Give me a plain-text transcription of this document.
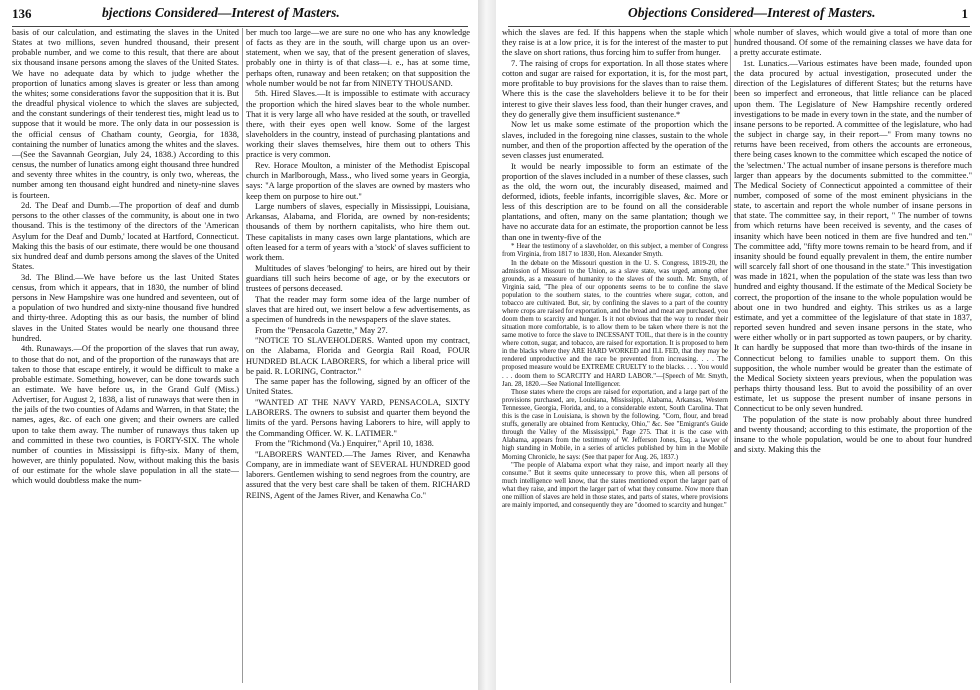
136	bjections Considered—Interest of Masters.

basis of our calculation, and estimating the slaves in the United States at two millions, seven hundred thousand, their present probable number, and we come to this result, that there are about six thousand insane persons among the slaves of the United States. We have no adequate data by which to judge whether the proportion of lunatics among slaves is greater or less than among the whites; some considerations favor the supposition that it is. But the dreadful physical violence to which the slaves are subjected, and the constant sunderings of their tenderest ties, might lead us to suppose that it would be more. The only data in our possession is the official census of Chatham county, Georgia, for 1838, containing the number of lunatics among the whites and the slaves.—(See the Savannah Georgian, July 24, 1838.) According to this census, the number of lunatics among eight thousand three hundred and seventy three whites in the country, is only two, whereas, the number among ten thousand eight hundred and ninety-nine slaves is fourteen.

2d. The Deaf and Dumb.—The proportion of deaf and dumb persons to the other classes of the community, is about one in two thousand. This is the testimony of the directors of the 'American Asylum for the Deaf and Dumb,' located at Hartford, Connecticut. Making this the basis of our estimate, there would be one thousand six hundred deaf and dumb persons among the slaves of the United States.

3d. The Blind.—We have before us the last United States census, from which it appears, that in 1830, the number of blind persons in New Hampshire was one hundred and seventeen, out of a population of two hundred and sixty-nine thousand five hundred and thirty-three. Adopting this as our basis, the number of blind slaves in the United States would be nearly one thousand three hundred.

4th. Runaways.—Of the proportion of the slaves that run away, to those that do not, and of the proportion of the runaways that are taken to those that escape entirely, it would be difficult to make a probable estimate. Something, however, can be done towards such an estimate. We have before us, in the Grand Gulf (Miss.) Advertiser, for August 2, 1838, a list of runaways that were then in the jails of the two counties of Adams and Warren, in that State; the names, ages, &c. of each one given; and their owners are called upon to take them away. The number of runaways thus taken up and committed in these two counties, is FORTY-SIX. The whole number of counties in Mississippi is fifty-six. Many of them, however, are thinly populated. Now, without making this the basis of our estimate for the whole slave population in all the state—which would doubtless make the num-

ber much too large—we are sure no one who has any knowledge of facts as they are in the south, will charge upon us an over-statement, when we say, that of the present generation of slaves, probably one in thirty is of that class—i. e., has at some time, perhaps often, runaway and been retaken; on that supposition the whole number would be not far from NINETY THOUSAND.

5th. Hired Slaves.—It is impossible to estimate with accuracy the proportion which the hired slaves bear to the whole number. That it is very large all who have resided at the south, or travelled there, with their eyes open well know. Some of the largest slaveholders in the country, instead of purchasing plantations and working their slaves themselves, hire them out to others This practice is very common.

Rev. Horace Moulton, a minister of the Methodist Episcopal church in Marlborough, Mass., who lived some years in Georgia, says: "A large proportion of the slaves are owned by masters who keep them on purpose to hire out."

Large numbers of slaves, especially in Mississippi, Louisiana, Arkansas, Alabama, and Florida, are owned by non-residents; thousands of them by northern capitalists, who hire them out. These capitalists in many cases own large plantations, which are often leased for a term of years with a 'stock' of slaves sufficient to work them.

Multitudes of slaves 'belonging' to heirs, are hired out by their guardians till such heirs become of age, or by the executors or trustees of persons deceased.

That the reader may form some idea of the large number of slaves that are hired out, we insert below a few advertisements, as a specimen of hundreds in the newspapers of the slave states.

From the "Pensacola Gazette," May 27.

"NOTICE TO SLAVEHOLDERS. Wanted upon my contract, on the Alabama, Florida and Georgia Rail Road, FOUR HUNDRED BLACK LABORERS, for which a liberal price will be paid. R. LORING, Contractor."

The same paper has the following, signed by an officer of the United States.

"WANTED AT THE NAVY YARD, PENSACOLA, SIXTY LABORERS. The owners to subsist and quarter them beyond the limits of the yard. Persons having Laborers to hire, will apply to the Commanding Officer. W. K. LATIMER."

From the "Richmond (Va.) Enquirer," April 10, 1838.

"LABORERS WANTED.—The James River, and Kenawha Company, are in immediate want of SEVERAL HUNDRED good laborers. Gentlemen wishing to send negroes from the country, are assured that the very best care shall be taken of them. RICHARD REINS, Agent of the James River, and Kenawha Co."

Objections Considered—Interest of Masters.	1

which the slaves are fed. If this happens when the staple which they raise is at a low price, it is for the interest of the master to put the slave on short rations, thus forcing him to suffer from hunger.

7. The raising of crops for exportation. In all those states where cotton and sugar are raised for exportation, it is, for the most part, more profitable to buy provisions for the slaves than to raise them. Where this is the case the slaveholders believe it to be for their interest to give their slaves less food, than their hunger craves, and they do generally give them insufficient sustenance.*

Now let us make some estimate of the proportion which the slaves, included in the foregoing nine classes, sustain to the whole number, and then of the proportion affected by the operation of the seven classes just enumerated.

It would be nearly impossible to form an estimate of the proportion of the slaves included in a number of these classes, such as the old, the worn out, the incurably diseased, maimed and deformed, idiots, feeble infants, incorrigible slaves, &c. More or less of this description are to be found on all the considerable plantations, and often, many on the same plantation; though we have no accurate data for an estimate, the proportion cannot be less than one in twenty-five of the

* Hear the testimony of a slaveholder, on this subject, a member of Congress from Virginia, from 1817 to 1830, Hon. Alexander Smyth.

In the debate on the Missouri question in the U. S. Congress, 1819-20, the admission of Missouri to the Union, as a slave state, was urged, among other grounds, as a measure of humanity to the slaves of the south. Mr. Smyth, of Virginia said, "The plea of our opponents seems to be to confine the slave population to the southern states, to the countries where sugar, cotton, and tobacco are cultivated. But, sir, by confining the slaves to a part of the country where crops are raised for exportation, and the bread and meat are purchased, you doom them to scarcity and hunger. Is it not obvious that the way to render their situation more comfortable, is to allow them to be taken where there is not the same motive to force the slave to INCESSANT TOIL, that there is in the country where cotton, sugar, and tobacco, are raised for exportation. It is proposed to hem in the blacks where they ARE HARD WORKED and ILL FED, that they may be rendered unproductive and the race be prevented from increasing. . . . The proposed measure would be EXTREME CRUELTY to the blacks. . . . You would . . . doom them to SCARCITY and HARD LABOR."—[Speech of Mr. Smyth, Jan. 28, 1820.—See National Intelligencer.

Those states where the crops are raised for exportation, and a large part of the provisions purchased, are, Louisiana, Mississippi, Alabama, Arkansas, Western Tennessee, Georgia, Florida, and, to a considerable extent, South Carolina. That this is the case in Louisiana, is shown by the following. "Corn, flour, and bread stuffs, generally are obtained from Kentucky, Ohio," &c. See "Emigrant's Guide through the Valley of the Mississippi," Page 275. That it is the case with Alabama, appears from the testimony of W. Jefferson Jones, Esq. a lawyer of high standing in Mobile, in a series of articles published by him in the Mobile Morning Chronicle, he says: (See that paper for Aug. 26, 1837.)

"The people of Alabama export what they raise, and import nearly all they consume." But it seems quite unnecessary to prove this, when all persons of much intelligence well know, that the states mentioned export the larger part of what they raise, and import the larger part of what they consume. Now more than one million of slaves are held in those states, and parts of states, where provisions are mainly imported, and consequently they are "doomed to scarcity and hunger."

whole number of slaves, which would give a total of more than one hundred thousand. Of some of the remaining classes we have data for a pretty accurate estimate.

1st. Lunatics.—Various estimates have been made, founded upon the data procured by actual investigation, prosecuted under the direction of the Legislatures of different States; but the returns have been so imperfect and erroneous, that little reliance can be placed upon them. The Legislature of New Hampshire recently ordered investigations to be made in every town in the state, and the number of insane persons to be reported. A committee of the legislature, who had the subject in charge say, in their report—" From many towns no returns have been received, from others the accounts are erroneous, there being cases known to the committee which escaped the notice of the 'selectmen.' The actual number of insane persons is therefore much larger than appears by the documents submitted to the committee." The Medical Society of Connecticut appointed a committee of their number, composed of some of the most eminent physicians in the state, to ascertain and report the whole number of insane persons in that state. The committee say, in their report, " The number of towns from which returns have been received is seventy, and the cases of insanity which have been noticed in them are five hundred and ten." The committee add, "fifty more towns remain to be heard from, and if insanity should be found equally prevalent in them, the entire number will scarcely fall short of one thousand in the state." This investigation was made in 1821, when the population of the state was less than two hundred and eighty thousand. If the estimate of the Medical Society be correct, the proportion of the insane to the whole population would be about one in two hundred and eighty. This strikes us as a large estimate, and yet a committee of the legislature of that state in 1837, reported seven hundred and seven insane persons in the state, who were either wholly or in part supported as town paupers, or by charity. It can hardly be supposed that more than two-thirds of the insane in Connecticut belong to families unable to support them. On this supposition, the whole number would be greater than the estimate of the Medical Society sixteen years previous, when the population was perhaps thirty thousand less. But to avoid the possibility of an over estimate, let us suppose the present number of insane persons in Connecticut to be only seven hundred.

The population of the state is now probably about three hundred and twenty thousand; according to this estimate, the proportion of the insane to the whole population, would be one to about four hundred and sixty. Making this the
